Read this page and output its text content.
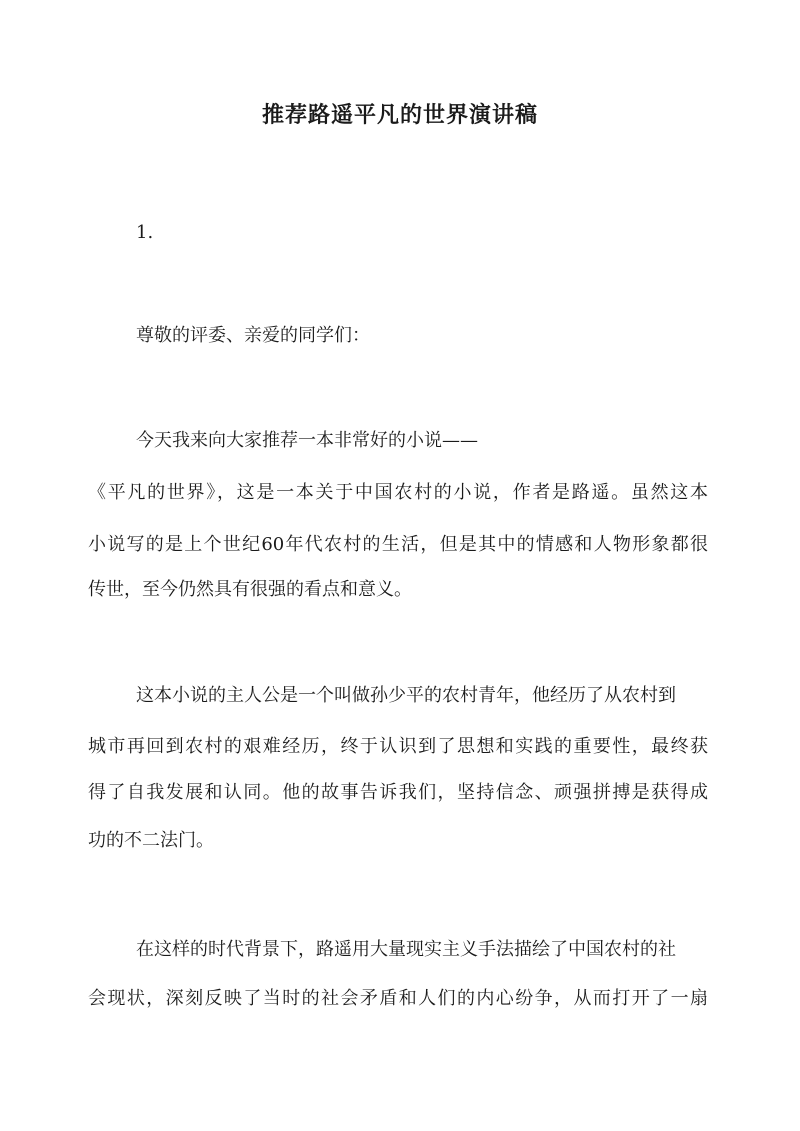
推荐路遥平凡的世界演讲稿
1.
尊敬的评委、亲爱的同学们：
今天我来向大家推荐一本非常好的小说——
《平凡的世界》，这是一本关于中国农村的小说，作者是路遥。虽然这本
小说写的是上个世纪60年代农村的生活，但是其中的情感和人物形象都很
传世，至今仍然具有很强的看点和意义。
这本小说的主人公是一个叫做孙少平的农村青年，他经历了从农村到
城市再回到农村的艰难经历，终于认识到了思想和实践的重要性，最终获
得了自我发展和认同。他的故事告诉我们，坚持信念、顽强拼搏是获得成
功的不二法门。
在这样的时代背景下，路遥用大量现实主义手法描绘了中国农村的社
会现状，深刻反映了当时的社会矛盾和人们的内心纷争，从而打开了一扇
